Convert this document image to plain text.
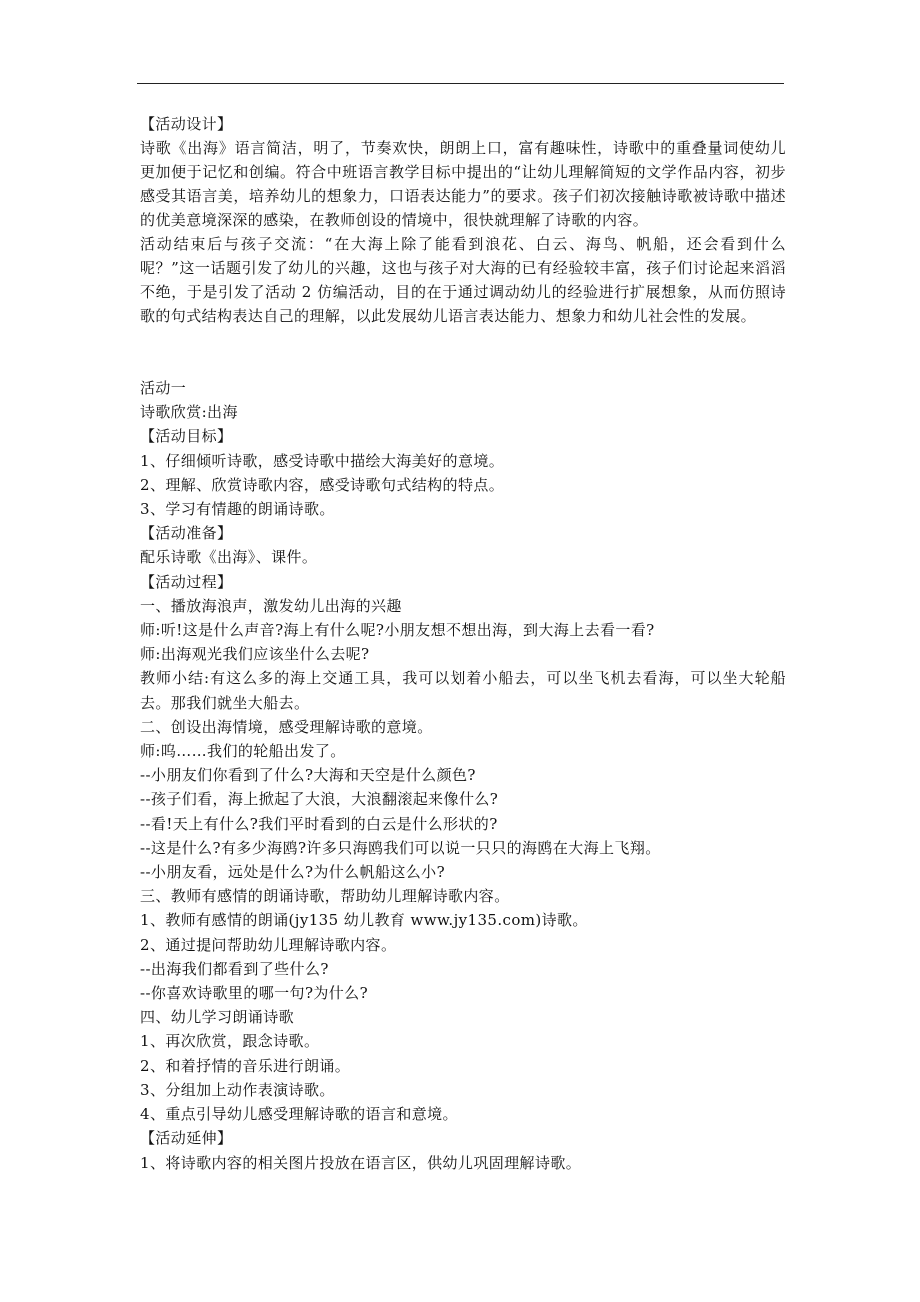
【活动设计】

诗歌《出海》语言简洁，明了，节奏欢快，朗朗上口，富有趣味性，诗歌中的重叠量词使幼儿更加便于记忆和创编。符合中班语言教学目标中提出的“让幼儿理解简短的文学作品内容，初步感受其语言美，培养幼儿的想象力，口语表达能力”的要求。孩子们初次接触诗歌被诗歌中描述的优美意境深深的感染，在教师创设的情境中，很快就理解了诗歌的内容。

活动结束后与孩子交流：“在大海上除了能看到浪花、白云、海鸟、帆船，还会看到什么呢？”这一话题引发了幼儿的兴趣，这也与孩子对大海的已有经验较丰富，孩子们讨论起来滔滔不绝，于是引发了活动 2 仿编活动，目的在于通过调动幼儿的经验进行扩展想象，从而仿照诗歌的句式结构表达自己的理解，以此发展幼儿语言表达能力、想象力和幼儿社会性的发展。

活动一

诗歌欣赏:出海

【活动目标】

1、仔细倾听诗歌，感受诗歌中描绘大海美好的意境。

2、理解、欣赏诗歌内容，感受诗歌句式结构的特点。

3、学习有情趣的朗诵诗歌。

【活动准备】

配乐诗歌《出海》、课件。

【活动过程】

一、播放海浪声，激发幼儿出海的兴趣

师:听!这是什么声音?海上有什么呢?小朋友想不想出海，到大海上去看一看?

师:出海观光我们应该坐什么去呢?

教师小结:有这么多的海上交通工具，我可以划着小船去，可以坐飞机去看海，可以坐大轮船去。那我们就坐大船去。

二、创设出海情境，感受理解诗歌的意境。

师:呜……我们的轮船出发了。

--小朋友们你看到了什么?大海和天空是什么颜色?

--孩子们看，海上掀起了大浪，大浪翻滚起来像什么?

--看!天上有什么?我们平时看到的白云是什么形状的?

--这是什么?有多少海鸥?许多只海鸥我们可以说一只只的海鸥在大海上飞翔。

--小朋友看，远处是什么?为什么帆船这么小?

三、教师有感情的朗诵诗歌，帮助幼儿理解诗歌内容。

1、教师有感情的朗诵(jy135 幼儿教育 www.jy135.com)诗歌。

2、通过提问帮助幼儿理解诗歌内容。

--出海我们都看到了些什么?

--你喜欢诗歌里的哪一句?为什么?

四、幼儿学习朗诵诗歌

1、再次欣赏，跟念诗歌。

2、和着抒情的音乐进行朗诵。

3、分组加上动作表演诗歌。

4、重点引导幼儿感受理解诗歌的语言和意境。

【活动延伸】

1、将诗歌内容的相关图片投放在语言区，供幼儿巩固理解诗歌。
